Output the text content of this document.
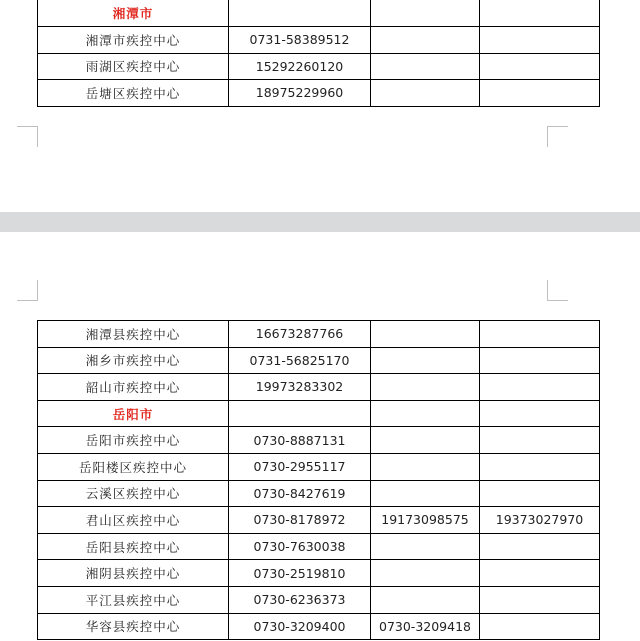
湘潭市			
湘潭市疾控中心	0731-58389512		
雨湖区疾控中心	15292260120		
岳塘区疾控中心	18975229960		
湘潭县疾控中心	16673287766		
湘乡市疾控中心	0731-56825170		
韶山市疾控中心	19973283302		
岳阳市			
岳阳市疾控中心	0730-8887131		
岳阳楼区疾控中心	0730-2955117		
云溪区疾控中心	0730-8427619		
君山区疾控中心	0730-8178972	19173098575	19373027970
岳阳县疾控中心	0730-7630038		
湘阴县疾控中心	0730-2519810		
平江县疾控中心	0730-6236373		
华容县疾控中心	0730-3209400	0730-3209418	
